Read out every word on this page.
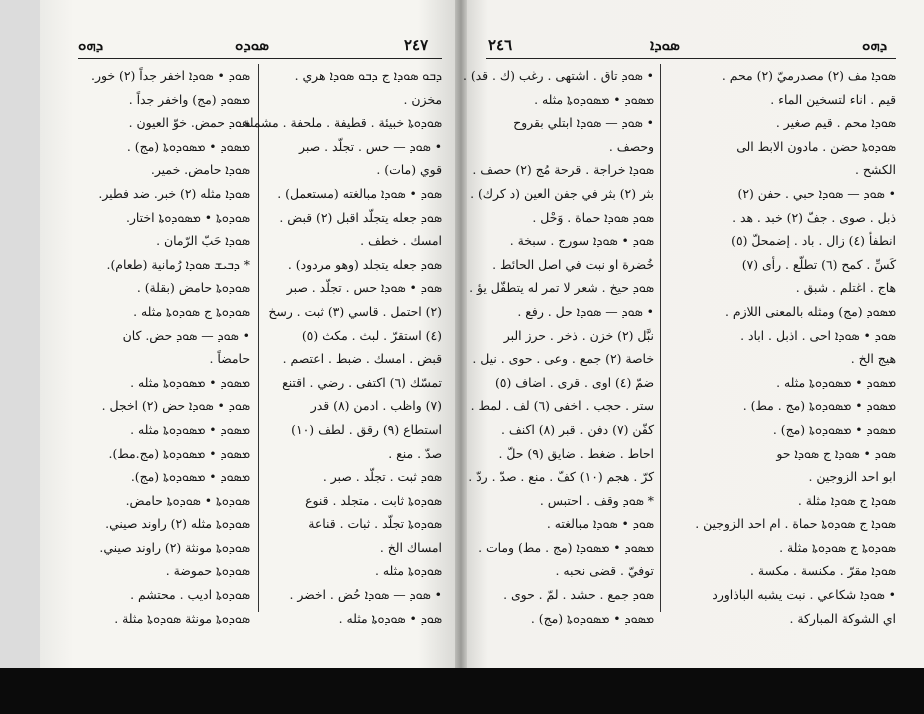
ܕܗܘ	ܣܘܕܘ	٢٤٧
ܣܘܕ • ܣܘܕܐ اخفر جداً (٢) خور.
ܡܣܘܕ (مج) واخفر جداً .
ܣܘܕ حمض. خوّ العيون .
ܡܣܘܕ • ܡܣܘܕܘܬܐ (مج) .
ܣܘܕܐ حامض. خمير.
ܣܘܕܐ مثله (٢) خبر. ضد فطير.
ܣܘܕܘܬܐ • ܡܣܘܕܘܬܐ اختار.
ܣܘܕܐ حَبّ الرّمان .
* ܕܒܝܫ ܣܘܕܐ رُمانية (طعام).
ܣܘܕܘܬܐ حامض (بقلة) .
ܣܘܕܘܬܐ ج ܣܘܕܘܬܐ مثله .
• ܣܘܕ — ܣܘܕ حض. كان
حامضاً .
ܡܣܘܕ • ܡܣܘܕܘܬܐ مثله .
ܣܘܕ • ܣܘܕܐ حض (٢) اخجل .
ܡܣܘܕ • ܡܣܘܕܘܬܐ مثله .
ܡܣܘܕ • ܡܣܘܕܘܬܐ (مج.مط).
ܡܣܘܕ • ܡܣܘܕܘܬܐ (مج).
ܣܘܕܘܬܐ • ܣܘܕܘܬܐ حامض.
ܣܘܕܘܬܐ مثله (٢) راوند صيني.
ܣܘܕܘܬܐ مونثة (٢) راوند صيني.
ܣܘܕܘܬܐ حموضة .
ܣܘܕܘܬܐ اديب . محتشم .
ܣܘܕܘܬܐ مونثة ܣܘܕܘܬܐ مثلة .
ܕܒܘ ܣܘܕܐ ج ܕܒܘ ܣܘܕܐ هري .
مخزن .
ܣܘܕܘܬܐ خبيئة . قطيفة . ملحفة . مشملة .
• ܣܘܕ — حس . تجلّد . صبر
قوي (مات) .
ܣܘܕ • ܣܘܕܐ مبالغته (مستعمل) .
ܣܘܕ جعله يتجلّد اقبل (٢) قبض .
امسك . خطف .
ܣܘܕ جعله يتجلد (وهو مردود) .
ܣܘܕ • ܣܘܕܐ حس . تجلّد . صبر
(٢) احتمل . قاسي (٣) ثبت . رسخ
(٤) استقرّ . لبث . مكث (٥)
قبض . امسك . ضبط . اعتصم .
تمسّك (٦) اكتفى . رضي . اقتنع
(٧) واظب . ادمن (٨) قدر
استطاع (٩) رقق . لطف (١٠)
صدّ . منع .
ܣܘܕ ثبت . تجلّد . صبر .
ܣܘܕܘܬܐ ثابت . متجلد . قنوع
ܣܘܕܘܬܐ تجلّد . ثبات . قناعة
امساك الخ .
ܣܘܕܘܬܐ مثله .
• ܣܘܕ — ܣܘܕܐ حُض . اخضر .
ܣܘܕ • ܣܘܕܘܬܐ مثله .
٢٤٦	ܣܘܕܐ	ܕܗܘ
• ܣܘܕ تاق . اشتهى . رغب (ك . قد) .
ܡܣܘܕ • ܡܣܘܕܘܬܐ مثله .
• ܣܘܕ — ܣܘܕܐ ابتلي بقروح
وحصف .
ܣܘܕܐ خراجة . قرحة مُج (٢) حصف .
بثر (٢) بثر في جفن العين (د كرك) .
ܣܘܕ ܣܘܕܐ حماة . وَحْل .
ܣܘܕ • ܣܘܕܐ سورج . سبخة .
خُضرة او نبت في اصل الحائط .
ܣܘܕ حيخ . شعر لا تمر له يتطفّل يؤ .
• ܣܘܕ — ܣܘܕܐ حل . رفع .
نبَّل (٢) خزن . ذخر . حرز البر
خاصة (٢) جمع . وعى . حوى . نيل .
ضمّ (٤) اوى . قرى . اضاف (٥)
ستر . حجب . اخفى (٦) لف . لمط .
كفّن (٧) دفن . قبر (٨) اكنف .
احاط . ضغط . ضايق (٩) حلّ .
كرّ . هجم (١٠) كفّ . منع . صدّ . ردّ .
* ܣܘܕ وقف . احتبس .
ܣܘܕ • ܣܘܕܐ مبالغته .
ܡܣܘܕ • ܡܣܘܕܐ (مج . مط) ومات .
توفيّ . قضى نحبه .
ܣܘܕ جمع . حشد . لمّ . حوى .
ܡܣܘܕ • ܡܣܘܕܘܬܐ (مج) .
ܣܘܕܐ مف (٢) مصدرميّ (٢) محم .
قيم . اناء لتسخين الماء .
ܣܘܕܐ محم . قيم صغير .
ܣܘܕܘܬܐ حضن . مادون الابط الى
الكشح .
• ܣܘܕ — ܣܘܕܐ حبي . حفن (٢)
ذبل . صوى . جفّ (٢) خبد . هد .
انطفأ (٤) زال . باد . إضمحلّ (٥)
كَسِّ . كمح (٦) تطلّع . رأى (٧)
هاج . اغتلم . شبق .
ܡܣܘܕ (مج) ومثله بالمعنى اللازم .
ܣܘܕ • ܣܘܕܐ احى . اذبل . اباد .
هيج الخ .
ܡܣܘܕ • ܡܣܘܕܘܬܐ مثله .
ܡܣܘܕ • ܡܣܘܕܘܬܐ (مج . مط) .
ܡܣܘܕ • ܡܣܘܕܘܬܐ (مج) .
ܣܘܕ • ܣܘܕܐ ج ܣܘܕܐ حو
ابو احد الزوجين .
ܣܘܕܐ ج ܣܘܕܐ مثلة .
ܣܘܕܐ ج ܣܘܕܘܬܐ حماة . ام احد الزوجين .
ܣܘܕܘܬܐ ج ܣܘܕܘܬܐ مثلة .
ܣܘܕܐ مقرّ . مكنسة . مكسة .
• ܣܘܕܐ شكاعي . نبت يشبه الباذاورد
اي الشوكة المباركة .
